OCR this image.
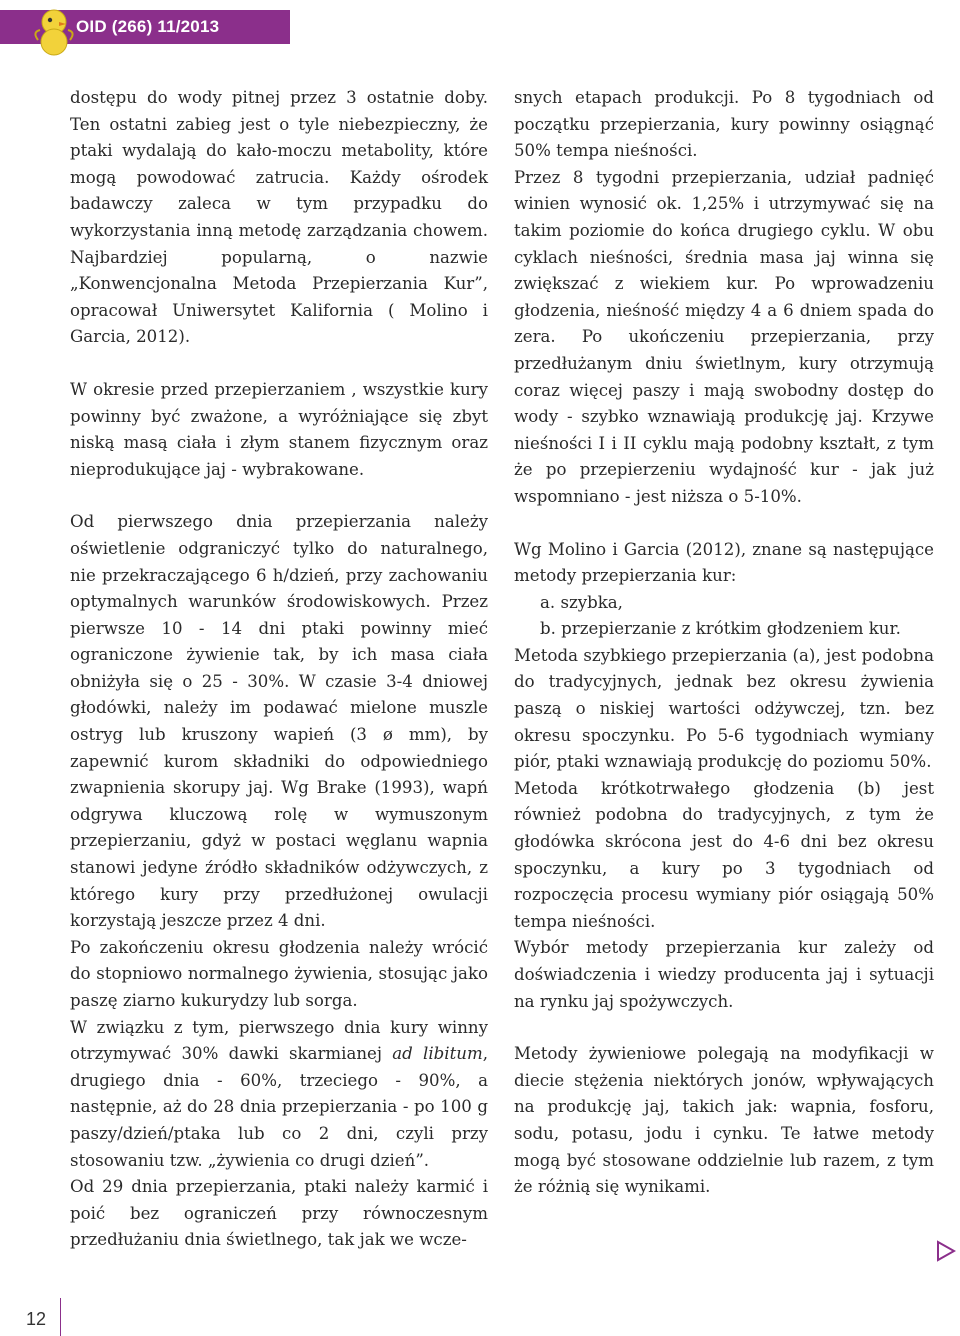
OID (266) 11/2013

dostępu do wody pitnej przez 3 ostatnie doby. Ten ostatni zabieg jest o tyle niebezpieczny, że ptaki wydalają do kało-moczu metabolity, które mogą powodować zatrucia. Każdy ośrodek badawczy zaleca w tym przypadku do wykorzystania inną metodę zarządzania chowem. Najbardziej popularną, o nazwie „Konwencjonalna Metoda Przepierzania Kur”, opracował Uniwersytet Kalifornia ( Molino i Garcia, 2012).

W okresie przed przepierzaniem , wszystkie kury powinny być zważone, a wyróżniające się zbyt niską masą ciała i złym stanem fizycznym oraz nieprodukujące jaj - wybrakowane.

Od pierwszego dnia przepierzania należy oświetlenie odgraniczyć tylko do naturalnego, nie przekraczającego 6 h/dzień, przy zachowaniu optymalnych warunków środowiskowych. Przez pierwsze 10 - 14 dni ptaki powinny mieć ograniczone żywienie tak, by ich masa ciała obniżyła się o 25 - 30%. W czasie 3-4 dniowej głodówki, należy im podawać mielone muszle ostryg lub kruszony wapień (3 ø mm), by zapewnić kurom składniki do odpowiedniego zwapnienia skorupy jaj. Wg Brake (1993), wapń odgrywa kluczową rolę w wymuszonym przepierzaniu, gdyż w postaci węglanu wapnia stanowi jedyne źródło składników odżywczych, z którego kury przy przedłużonej owulacji korzystają jeszcze przez 4 dni.

Po zakończeniu okresu głodzenia należy wrócić do stopniowo normalnego żywienia, stosując jako paszę ziarno kukurydzy lub sorga.

W związku z tym, pierwszego dnia kury winny otrzymywać 30% dawki skarmianej ad libitum, drugiego dnia - 60%, trzeciego - 90%, a następnie, aż do 28 dnia przepierzania - po 100 g paszy/dzień/ptaka lub co 2 dni, czyli przy stosowaniu tzw. „żywienia co drugi dzień”.

Od 29 dnia przepierzania, ptaki należy karmić i poić bez ograniczeń przy równoczesnym przedłużaniu dnia świetlnego, tak jak we wcze-

snych etapach produkcji. Po 8 tygodniach od początku przepierzania, kury powinny osiągnąć 50% tempa nieśności.

Przez 8 tygodni przepierzania, udział padnięć winien wynosić ok. 1,25% i utrzymywać się na takim poziomie do końca drugiego cyklu. W obu cyklach nieśności, średnia masa jaj winna się zwiększać z wiekiem kur. Po wprowadzeniu głodzenia, nieśność między 4 a 6 dniem spada do zera. Po ukończeniu przepierzania, przy przedłużanym dniu świetlnym, kury otrzymują coraz więcej paszy i mają swobodny dostęp do wody - szybko wznawiają produkcję jaj. Krzywe nieśności I i II cyklu mają podobny kształt, z tym że po przepierzeniu wydajność kur - jak już wspomniano - jest niższa o 5-10%.

Wg Molino i Garcia (2012), znane są następujące metody przepierzania kur:

a. szybka,

b. przepierzanie z krótkim głodzeniem kur.

Metoda szybkiego przepierzania (a), jest podobna do tradycyjnych, jednak bez okresu żywienia paszą o niskiej wartości odżywczej, tzn. bez okresu spoczynku. Po 5-6 tygodniach wymiany piór, ptaki wznawiają produkcję do poziomu 50%.

Metoda krótkotrwałego głodzenia (b) jest również podobna do tradycyjnych, z tym że głodówka skrócona jest do 4-6 dni bez okresu spoczynku, a kury po 3 tygodniach od rozpoczęcia procesu wymiany piór osiągają 50% tempa nieśności.

Wybór metody przepierzania kur zależy od doświadczenia i wiedzy producenta jaj i sytuacji na rynku jaj spożywczych.

Metody żywieniowe polegają na modyfikacji w diecie stężenia niektórych jonów, wpływających na produkcję jaj, takich jak: wapnia, fosforu, sodu, potasu, jodu i cynku. Te łatwe metody mogą być stosowane oddzielnie lub razem, z tym że różnią się wynikami.

12
